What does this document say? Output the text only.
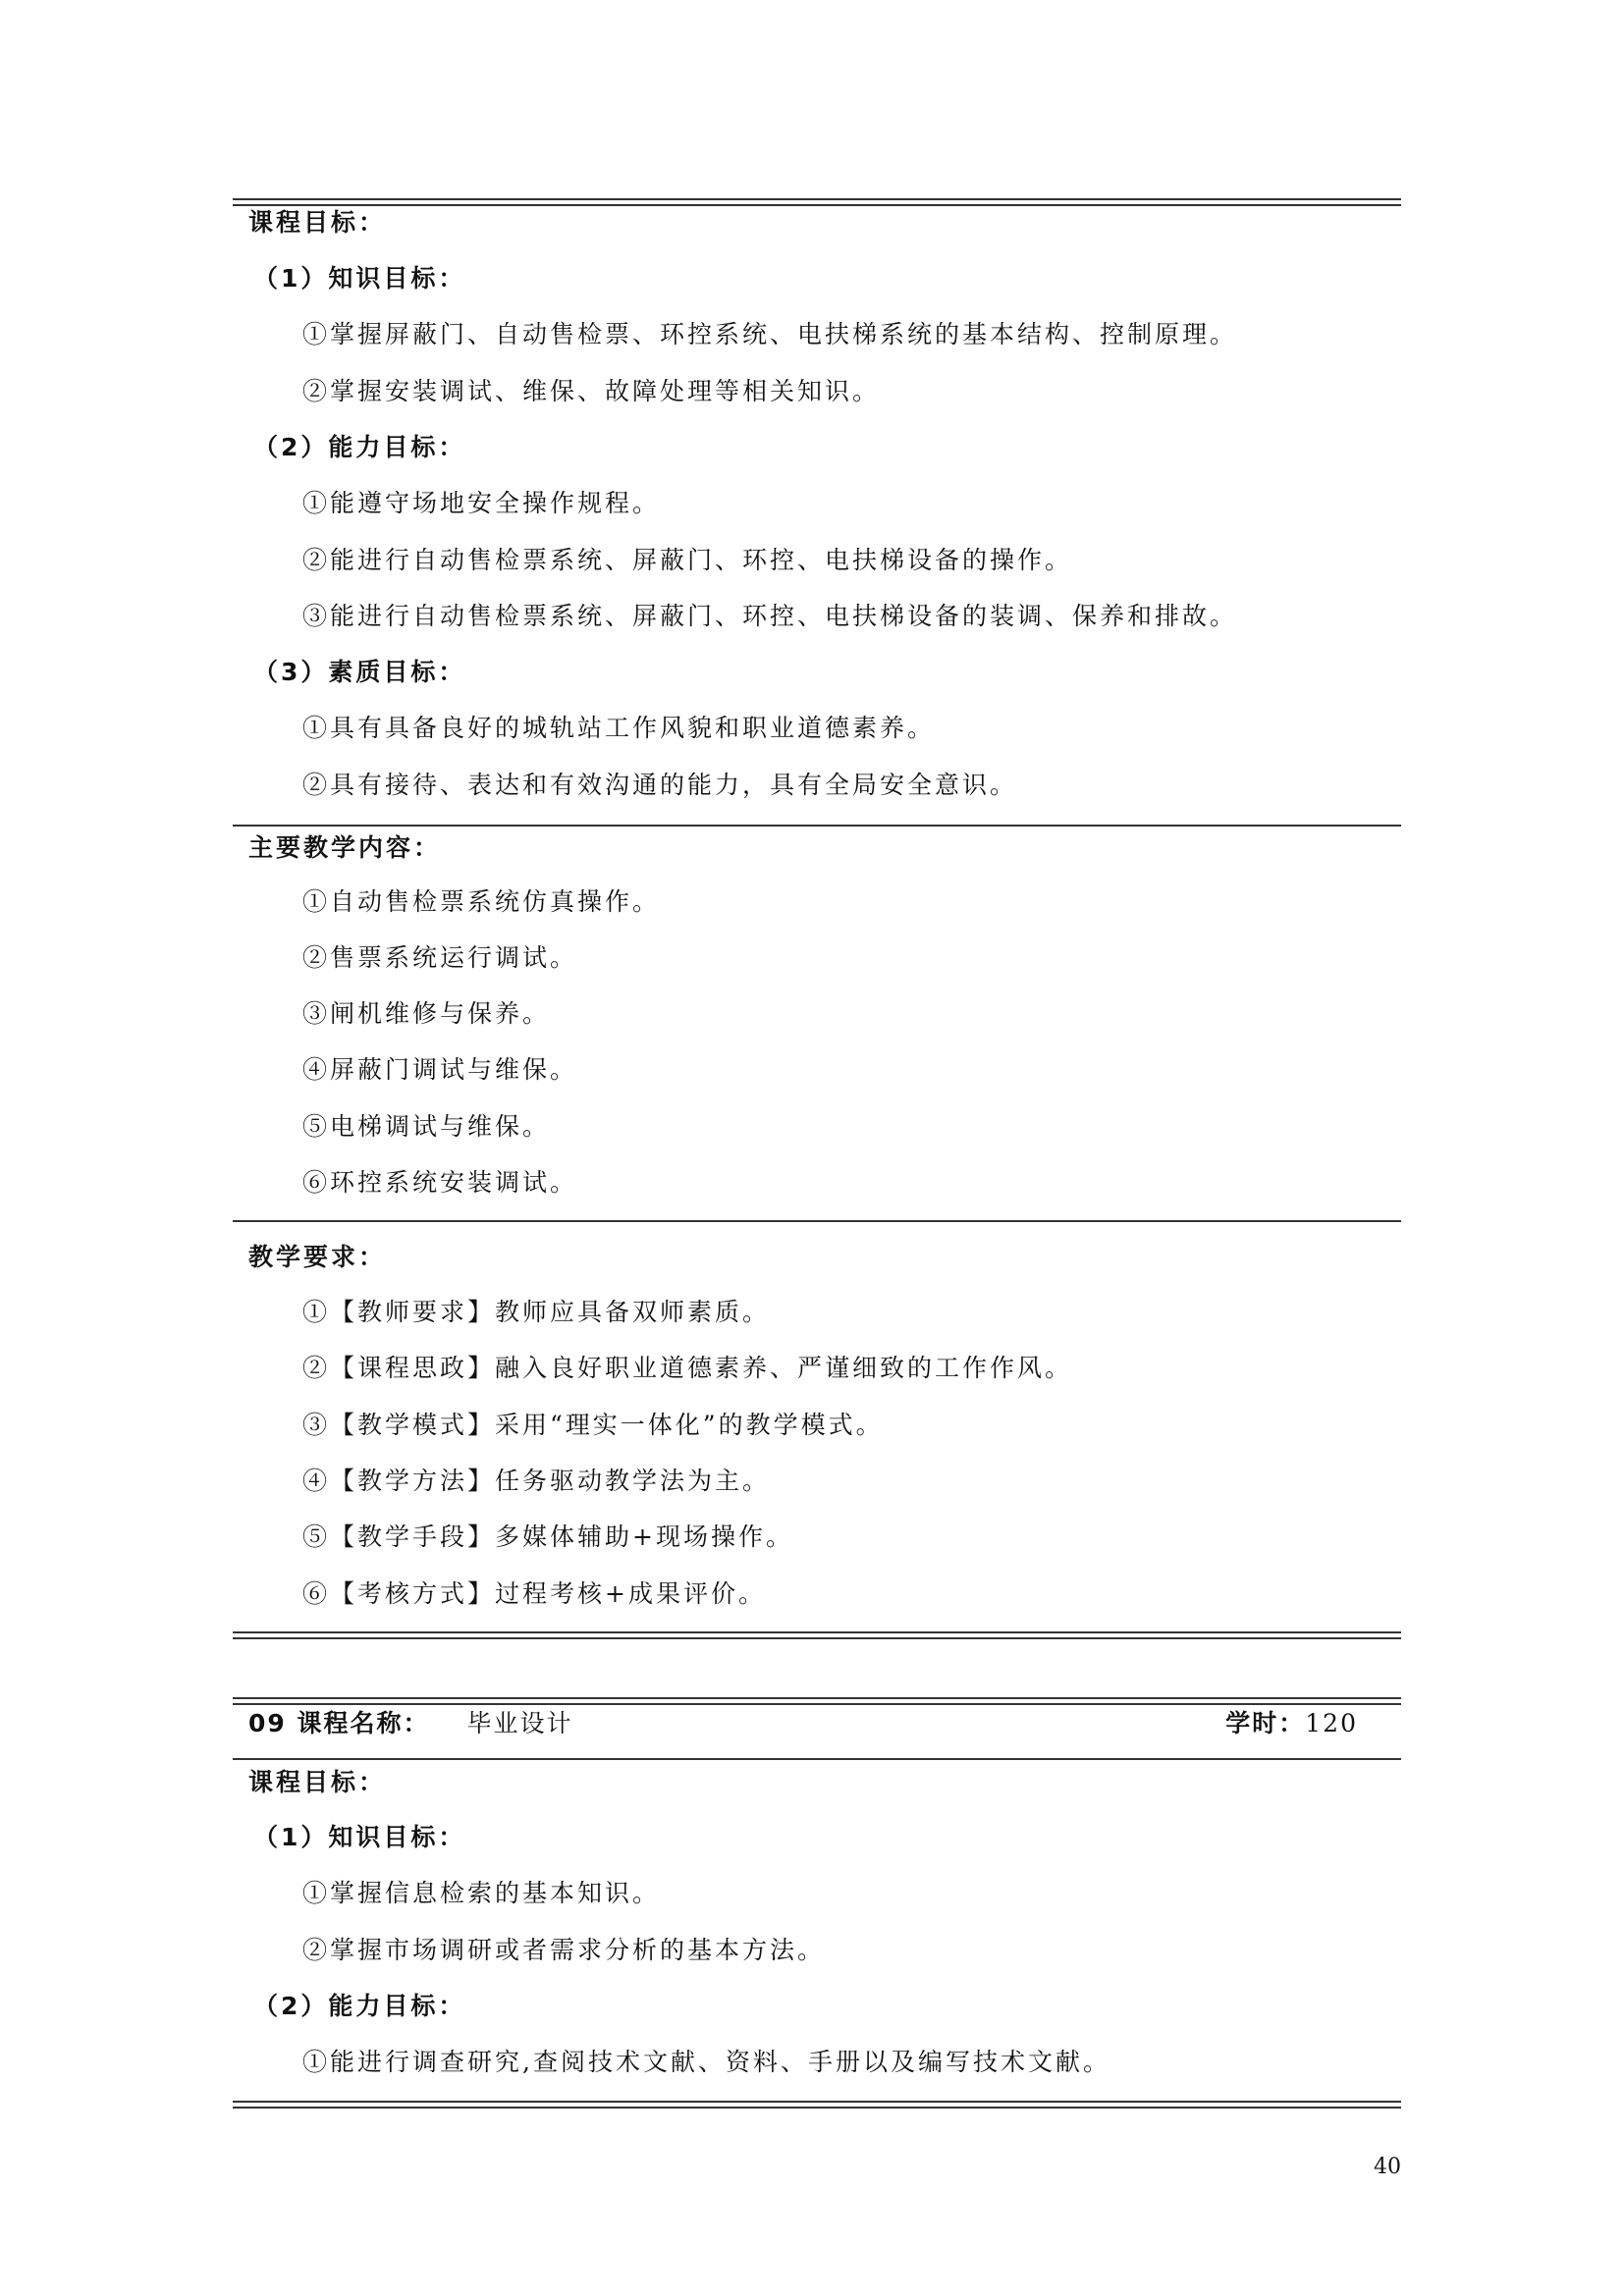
课程目标：
（1）知识目标：
①掌握屏蔽门、自动售检票、环控系统、电扶梯系统的基本结构、控制原理。
②掌握安装调试、维保、故障处理等相关知识。
（2）能力目标：
①能遵守场地安全操作规程。
②能进行自动售检票系统、屏蔽门、环控、电扶梯设备的操作。
③能进行自动售检票系统、屏蔽门、环控、电扶梯设备的装调、保养和排故。
（3）素质目标：
①具有具备良好的城轨站工作风貌和职业道德素养。
②具有接待、表达和有效沟通的能力，具有全局安全意识。
主要教学内容：
①自动售检票系统仿真操作。
②售票系统运行调试。
③闸机维修与保养。
④屏蔽门调试与维保。
⑤电梯调试与维保。
⑥环控系统安装调试。
教学要求：
①【教师要求】教师应具备双师素质。
②【课程思政】融入良好职业道德素养、严谨细致的工作作风。
③【教学模式】采用“理实一体化”的教学模式。
④【教学方法】任务驱动教学法为主。
⑤【教学手段】多媒体辅助+现场操作。
⑥【考核方式】过程考核+成果评价。
09 课程名称： 毕业设计	学时：120
课程目标：
（1）知识目标：
①掌握信息检索的基本知识。
②掌握市场调研或者需求分析的基本方法。
（2）能力目标：
①能进行调查研究,查阅技术文献、资料、手册以及编写技术文献。
40
